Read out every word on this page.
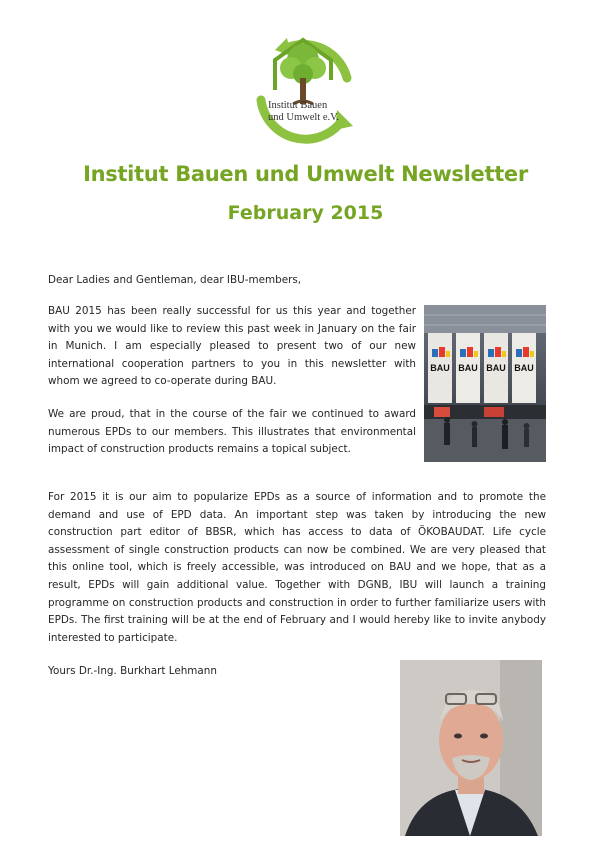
Institut Bauen
und Umwelt e.V.
Institut Bauen und Umwelt Newsletter
February 2015

Dear Ladies and Gentleman, dear IBU-members,

BAU 2015 has been really successful for us this year and together with you we would like to review this past week in January on the fair in Munich. I am especially pleased to present two of our new international cooperation partners to you in this newsletter with whom we agreed to co-operate during BAU.

We are proud, that in the course of the fair we continued to award numerous EPDs to our members. This illustrates that environmental impact of construction products remains a topical subject.

For 2015 it is our aim to popularize EPDs as a source of information and to promote the demand and use of EPD data. An important step was taken by introducing the new construction part editor of BBSR, which has access to data of ÖKOBAUDAT. Life cycle assessment of single construction products can now be combined. We are very pleased that this online tool, which is freely accessible, was introduced on BAU and we hope, that as a result, EPDs will gain additional value. Together with DGNB, IBU will launch a training programme on construction products and construction in order to further familiarize users with EPDs. The first training will be at the end of February and I would hereby like to invite anybody interested to participate.

Yours Dr.-Ing. Burkhart Lehmann

BAU BAU BAU BAU
